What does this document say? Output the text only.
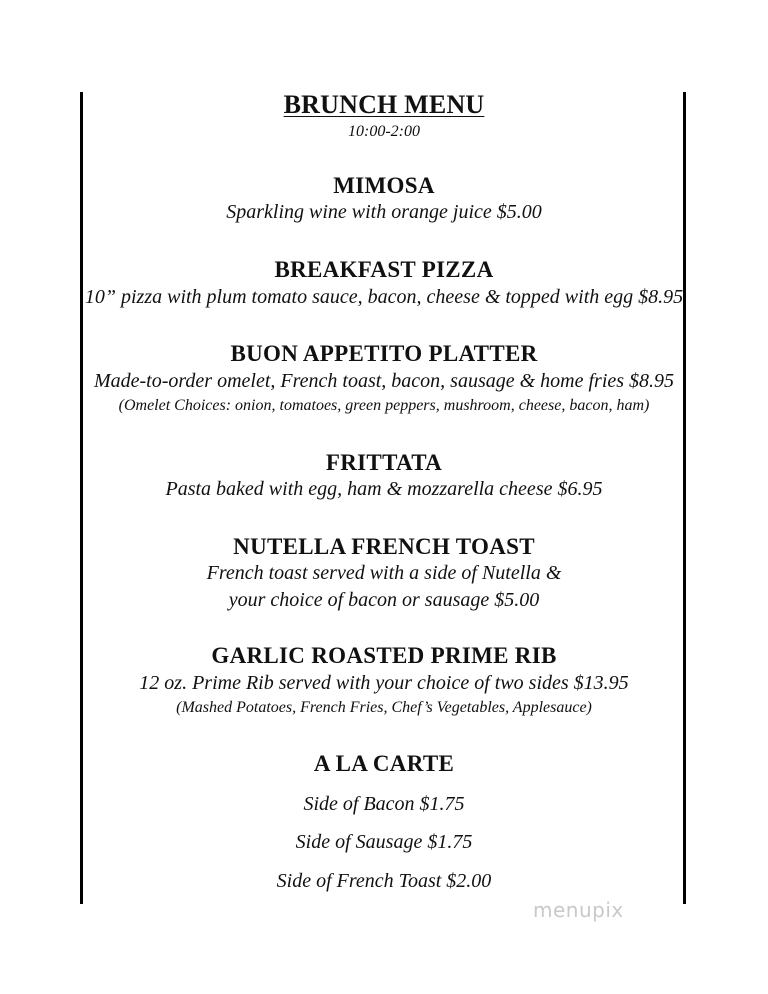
BRUNCH MENU
10:00-2:00
MIMOSA
Sparkling wine with orange juice $5.00
BREAKFAST PIZZA
10” pizza with plum tomato sauce, bacon, cheese & topped with egg $8.95
BUON APPETITO PLATTER
Made-to-order omelet, French toast, bacon, sausage & home fries $8.95
(Omelet Choices: onion, tomatoes, green peppers, mushroom, cheese, bacon, ham)
FRITTATA
Pasta baked with egg, ham & mozzarella cheese $6.95
NUTELLA FRENCH TOAST
French toast served with a side of Nutella &
your choice of bacon or sausage $5.00
GARLIC ROASTED PRIME RIB
12 oz. Prime Rib served with your choice of two sides $13.95
(Mashed Potatoes, French Fries, Chef’s Vegetables, Applesauce)
A LA CARTE
Side of Bacon $1.75
Side of Sausage $1.75
Side of French Toast $2.00
menupix
